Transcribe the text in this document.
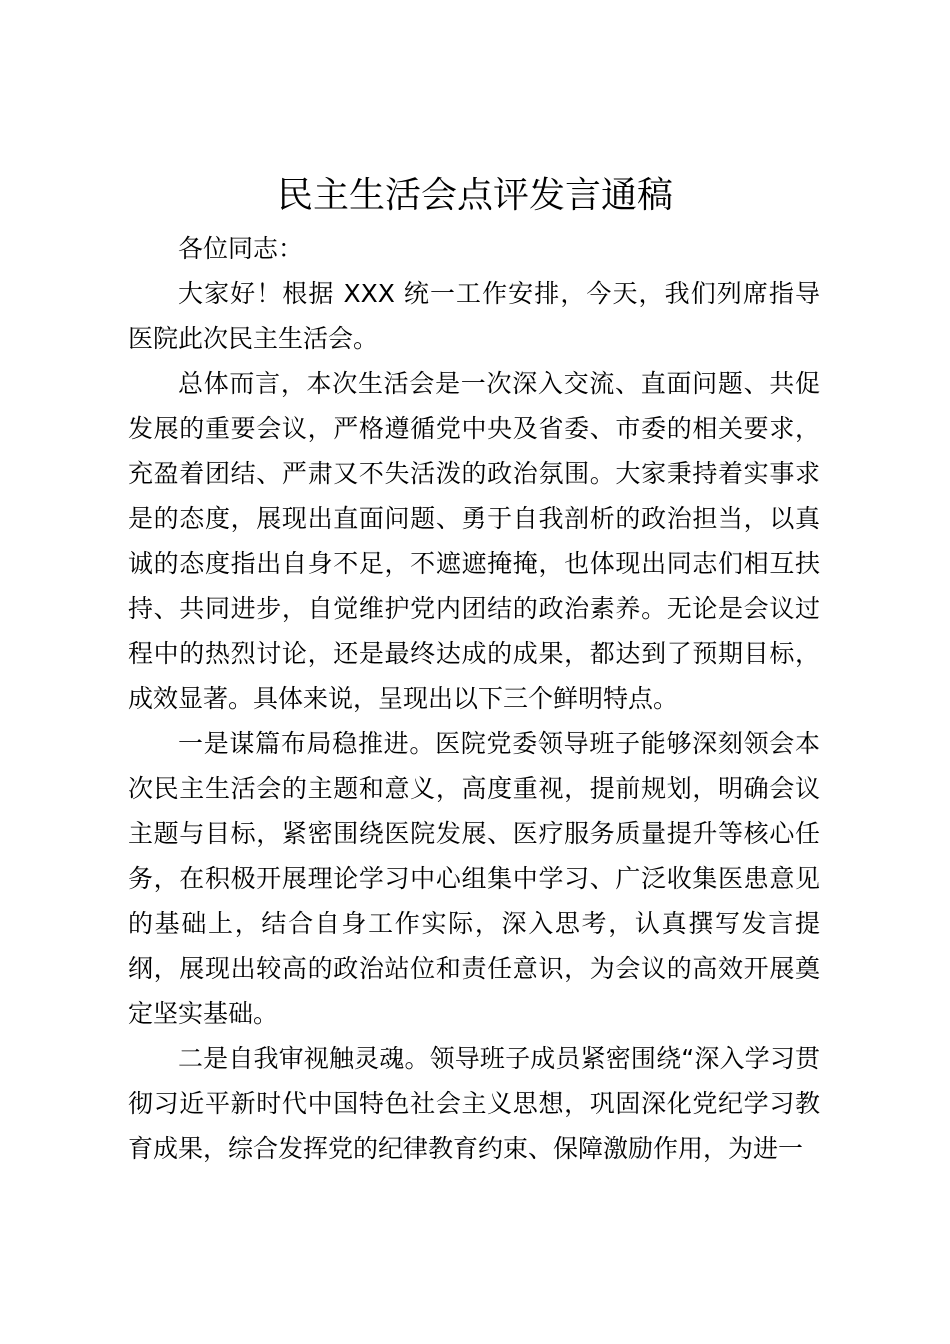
民主生活会点评发言通稿

各位同志：

大家好！根据 XXX 统一工作安排，今天，我们列席指导医院此次民主生活会。

总体而言，本次生活会是一次深入交流、直面问题、共促发展的重要会议，严格遵循党中央及省委、市委的相关要求，充盈着团结、严肃又不失活泼的政治氛围。大家秉持着实事求是的态度，展现出直面问题、勇于自我剖析的政治担当，以真诚的态度指出自身不足，不遮遮掩掩，也体现出同志们相互扶持、共同进步，自觉维护党内团结的政治素养。无论是会议过程中的热烈讨论，还是最终达成的成果，都达到了预期目标，成效显著。具体来说，呈现出以下三个鲜明特点。

一是谋篇布局稳推进。医院党委领导班子能够深刻领会本次民主生活会的主题和意义，高度重视，提前规划，明确会议主题与目标，紧密围绕医院发展、医疗服务质量提升等核心任务，在积极开展理论学习中心组集中学习、广泛收集医患意见的基础上，结合自身工作实际，深入思考，认真撰写发言提纲，展现出较高的政治站位和责任意识，为会议的高效开展奠定坚实基础。

二是自我审视触灵魂。领导班子成员紧密围绕“深入学习贯彻习近平新时代中国特色社会主义思想，巩固深化党纪学习教育成果，综合发挥党的纪律教育约束、保障激励作用，为进一
